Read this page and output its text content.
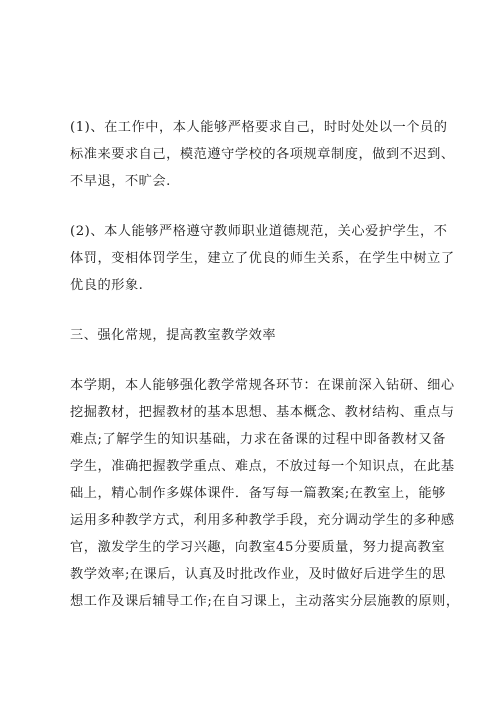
(1)、在工作中，本人能够严格要求自己，时时处处以一个员的
标准来要求自己，模范遵守学校的各项规章制度，做到不迟到、
不早退，不旷会.
(2)、本人能够严格遵守教师职业道德规范，关心爱护学生，不
体罚，变相体罚学生，建立了优良的师生关系，在学生中树立了
优良的形象.
三、强化常规，提高教室教学效率
本学期，本人能够强化教学常规各环节：在课前深入钻研、细心
挖掘教材，把握教材的基本思想、基本概念、教材结构、重点与
难点;了解学生的知识基础，力求在备课的过程中即备教材又备
学生，准确把握教学重点、难点，不放过每一个知识点，在此基
础上，精心制作多媒体课件．备写每一篇教案;在教室上，能够
运用多种教学方式，利用多种教学手段，充分调动学生的多种感
官，激发学生的学习兴趣，向教室45分要质量，努力提高教室
教学效率;在课后，认真及时批改作业，及时做好后进学生的思
想工作及课后辅导工作;在自习课上，主动落实分层施教的原则，
